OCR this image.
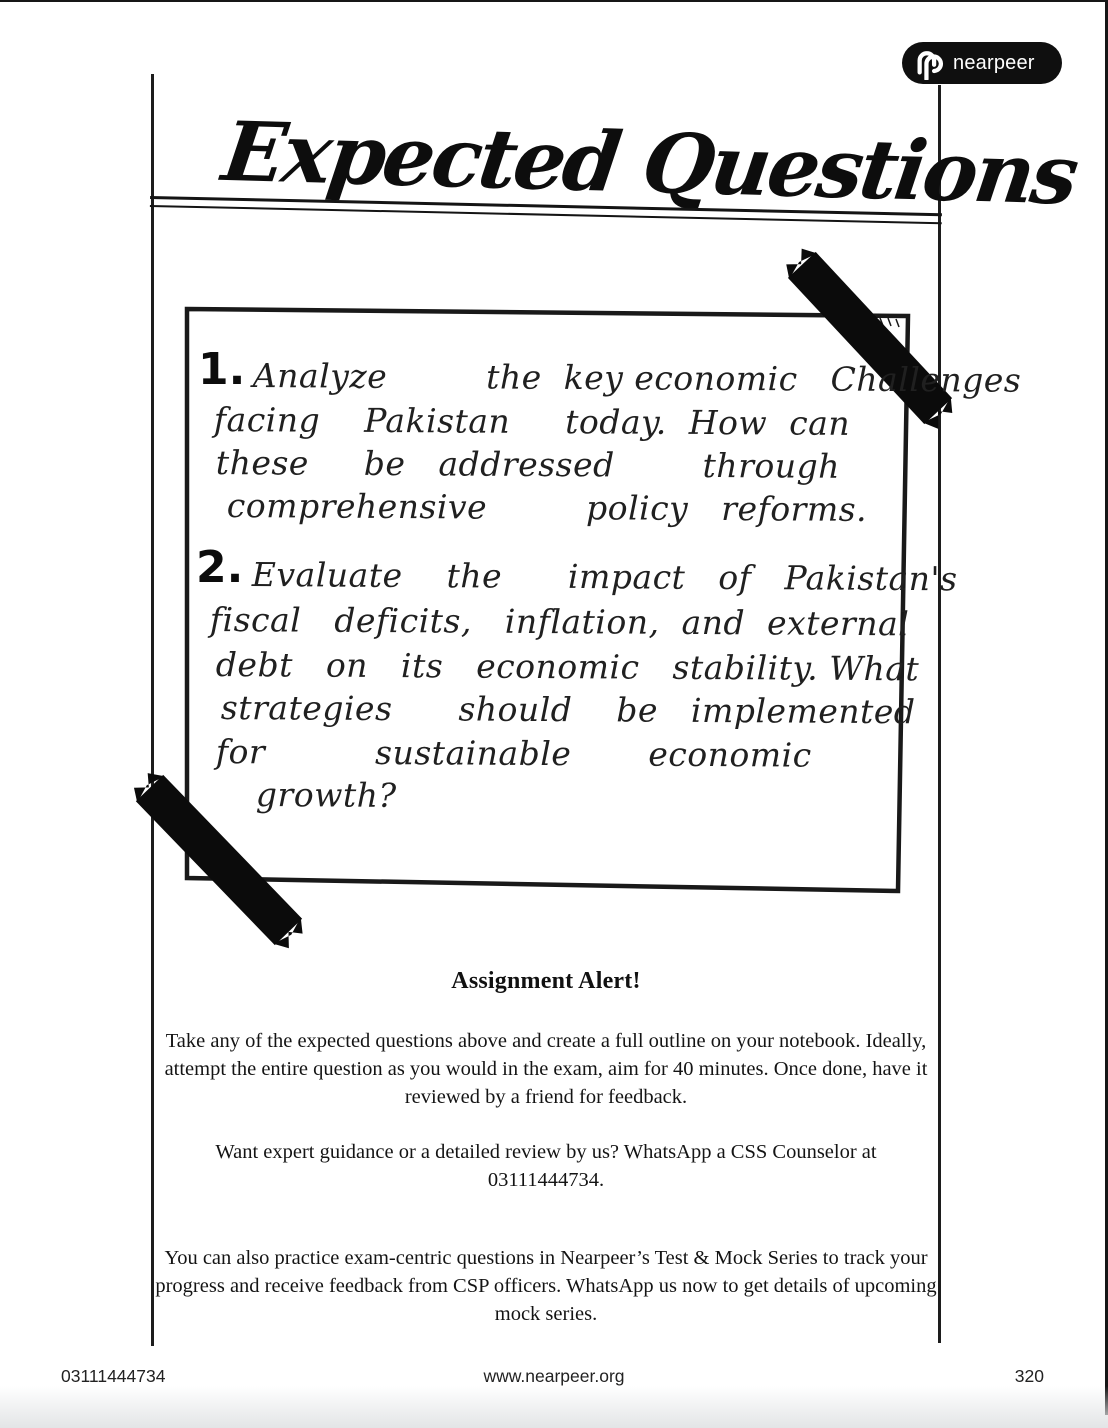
nearpeer
Expected Questions
1. Analyze         the  key economic   Challenges
facing    Pakistan     today.  How  can
these     be   addressed        through
comprehensive         policy   reforms.
2. Evaluate    the      impact   of   Pakistan's
fiscal   deficits,   inflation,  and  external
debt   on   its   economic   stability. What
strategies      should    be   implemented
for          sustainable       economic
growth?
Assignment Alert!

Take any of the expected questions above and create a full outline on your notebook. Ideally, attempt the entire question as you would in the exam, aim for 40 minutes. Once done, have it reviewed by a friend for feedback.

Want expert guidance or a detailed review by us? WhatsApp a CSS Counselor at 03111444734.

You can also practice exam-centric questions in Nearpeer’s Test & Mock Series to track your progress and receive feedback from CSP officers. WhatsApp us now to get details of upcoming mock series.

03111444734	www.nearpeer.org	320
